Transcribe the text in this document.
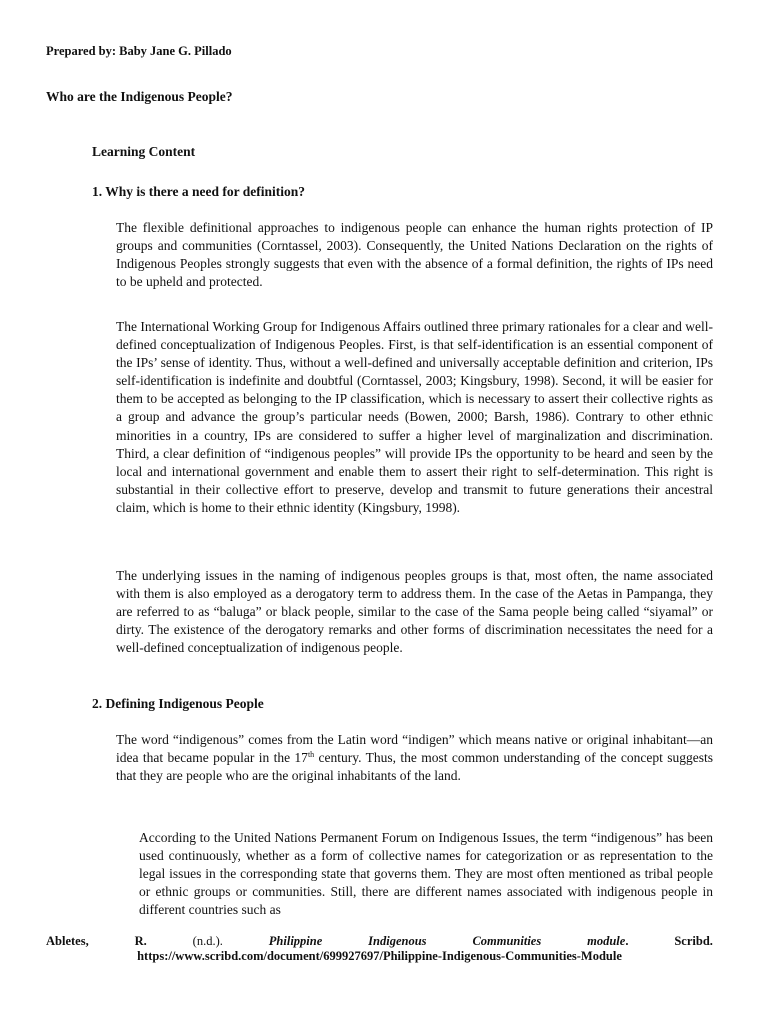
Prepared by: Baby Jane G. Pillado
Who are the Indigenous People?
Learning Content
1. Why is there a need for definition?
The flexible definitional approaches to indigenous people can enhance the human rights protection of IP groups and communities (Corntassel, 2003). Consequently, the United Nations Declaration on the rights of Indigenous Peoples strongly suggests that even with the absence of a formal definition, the rights of IPs need to be upheld and protected.
The International Working Group for Indigenous Affairs outlined three primary rationales for a clear and well-defined conceptualization of Indigenous Peoples. First, is that self-identification is an essential component of the IPs’ sense of identity. Thus, without a well-defined and universally acceptable definition and criterion, IPs self-identification is indefinite and doubtful (Corntassel, 2003; Kingsbury, 1998). Second, it will be easier for them to be accepted as belonging to the IP classification, which is necessary to assert their collective rights as a group and advance the group’s particular needs (Bowen, 2000; Barsh, 1986). Contrary to other ethnic minorities in a country, IPs are considered to suffer a higher level of marginalization and discrimination. Third, a clear definition of “indigenous peoples” will provide IPs the opportunity to be heard and seen by the local and international government and enable them to assert their right to self-determination. This right is substantial in their collective effort to preserve, develop and transmit to future generations their ancestral claim, which is home to their ethnic identity (Kingsbury, 1998).
The underlying issues in the naming of indigenous peoples groups is that, most often, the name associated with them is also employed as a derogatory term to address them. In the case of the Aetas in Pampanga, they are referred to as “baluga” or black people, similar to the case of the Sama people being called “siyamal” or dirty. The existence of the derogatory remarks and other forms of discrimination necessitates the need for a well-defined conceptualization of indigenous people.
2. Defining Indigenous People
The word “indigenous” comes from the Latin word “indigen” which means native or original inhabitant—an idea that became popular in the 17th century. Thus, the most common understanding of the concept suggests that they are people who are the original inhabitants of the land.
According to the United Nations Permanent Forum on Indigenous Issues, the term “indigenous” has been used continuously, whether as a form of collective names for categorization or as representation to the legal issues in the corresponding state that governs them. They are most often mentioned as tribal people or ethnic groups or communities. Still, there are different names associated with indigenous people in different countries such as
Abletes,	R.	(n.d.).	Philippine	Indigenous	Communities	module.	Scribd.
https://www.scribd.com/document/699927697/Philippine-Indigenous-Communities-Module
